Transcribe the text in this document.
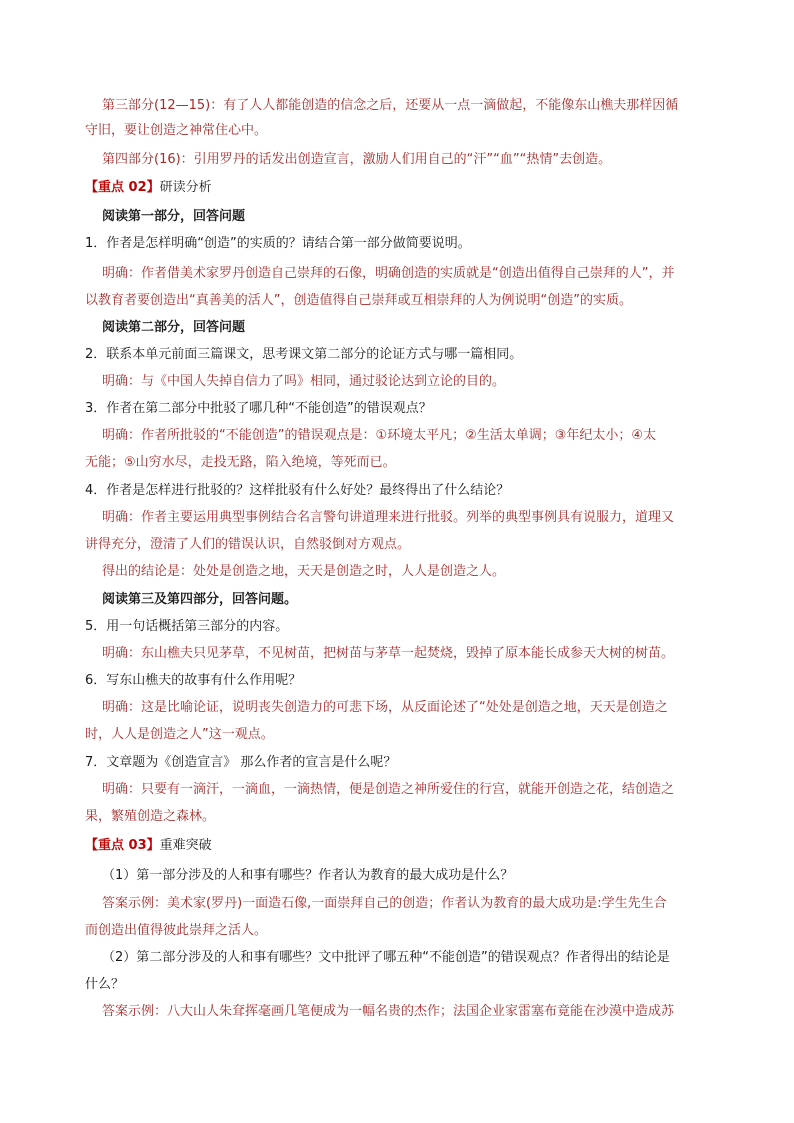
第三部分(12—15)：有了人人都能创造的信念之后，还要从一点一滴做起，不能像东山樵夫那样因循
守旧，要让创造之神常住心中。
第四部分(16)：引用罗丹的话发出创造宣言，激励人们用自己的“汗”“血”“热情”去创造。
【重点 02】研读分析
阅读第一部分，回答问题
1．作者是怎样明确“创造”的实质的？请结合第一部分做简要说明。
明确：作者借美术家罗丹创造自己崇拜的石像，明确创造的实质就是“创造出值得自己崇拜的人”，并
以教育者要创造出“真善美的活人”，创造值得自己崇拜或互相崇拜的人为例说明“创造”的实质。
阅读第二部分，回答问题
2．联系本单元前面三篇课文，思考课文第二部分的论证方式与哪一篇相同。
明确：与《中国人失掉自信力了吗》相同，通过驳论达到立论的目的。
3．作者在第二部分中批驳了哪几种“不能创造”的错误观点？
明确：作者所批驳的“不能创造”的错误观点是：①环境太平凡；②生活太单调；③年纪太小；④太
无能；⑤山穷水尽，走投无路，陷入绝境，等死而已。
4．作者是怎样进行批驳的？这样批驳有什么好处？最终得出了什么结论？
明确：作者主要运用典型事例结合名言警句讲道理来进行批驳。列举的典型事例具有说服力，道理又
讲得充分，澄清了人们的错误认识，自然驳倒对方观点。
得出的结论是：处处是创造之地，天天是创造之时，人人是创造之人。
阅读第三及第四部分，回答问题。
5．用一句话概括第三部分的内容。
明确：东山樵夫只见茅草，不见树苗，把树苗与茅草一起焚烧，毁掉了原本能长成参天大树的树苗。
6．写东山樵夫的故事有什么作用呢？
明确：这是比喻论证，说明丧失创造力的可悲下场，从反面论述了“处处是创造之地，天天是创造之
时，人人是创造之人”这一观点。
7．文章题为《创造宣言》 那么作者的宣言是什么呢？
明确：只要有一滴汗，一滴血，一滴热情，便是创造之神所爱住的行宫，就能开创造之花，结创造之
果，繁殖创造之森林。
【重点 03】重难突破
（1）第一部分涉及的人和事有哪些？作者认为教育的最大成功是什么？
答案示例：美术家(罗丹)一面造石像,一面崇拜自己的创造；作者认为教育的最大成功是:学生先生合
而创造出值得彼此崇拜之活人。
（2）第二部分涉及的人和事有哪些？文中批评了哪五种“不能创造”的错误观点？作者得出的结论是
什么？
答案示例：八大山人朱耷挥毫画几笔便成为一幅名贵的杰作；法国企业家雷塞布竟能在沙漠中造成苏
